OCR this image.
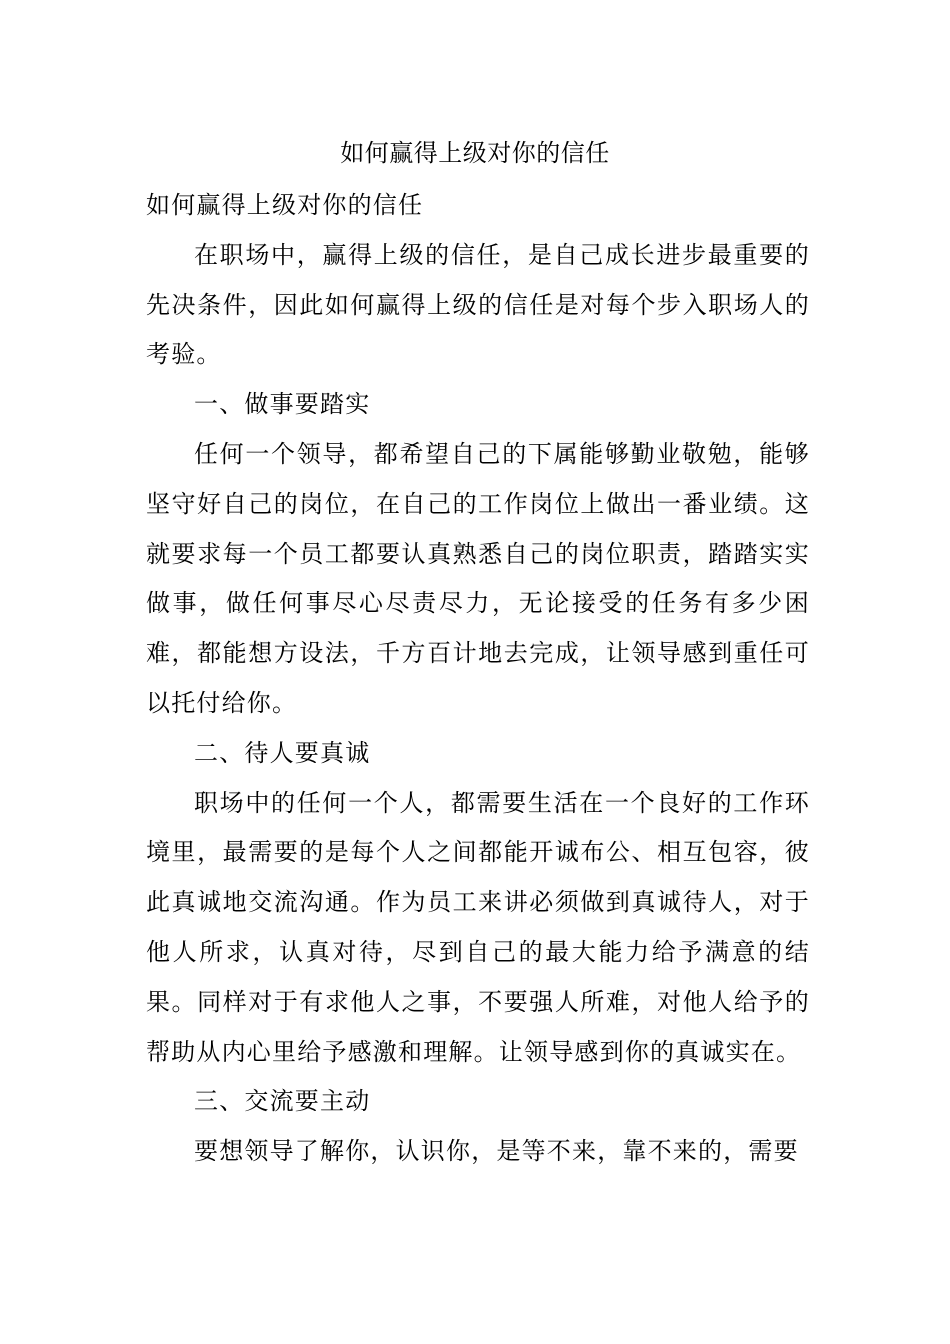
如何赢得上级对你的信任

如何赢得上级对你的信任

在职场中，赢得上级的信任，是自己成长进步最重要的先决条件，因此如何赢得上级的信任是对每个步入职场人的考验。

一、做事要踏实

任何一个领导，都希望自己的下属能够勤业敬勉，能够坚守好自己的岗位，在自己的工作岗位上做出一番业绩。这就要求每一个员工都要认真熟悉自己的岗位职责，踏踏实实做事，做任何事尽心尽责尽力，无论接受的任务有多少困难，都能想方设法，千方百计地去完成，让领导感到重任可以托付给你。

二、待人要真诚

职场中的任何一个人，都需要生活在一个良好的工作环境里，最需要的是每个人之间都能开诚布公、相互包容，彼此真诚地交流沟通。作为员工来讲必须做到真诚待人，对于他人所求，认真对待，尽到自己的最大能力给予满意的结果。同样对于有求他人之事，不要强人所难，对他人给予的帮助从内心里给予感激和理解。让领导感到你的真诚实在。

三、交流要主动

要想领导了解你，认识你，是等不来，靠不来的，需要
